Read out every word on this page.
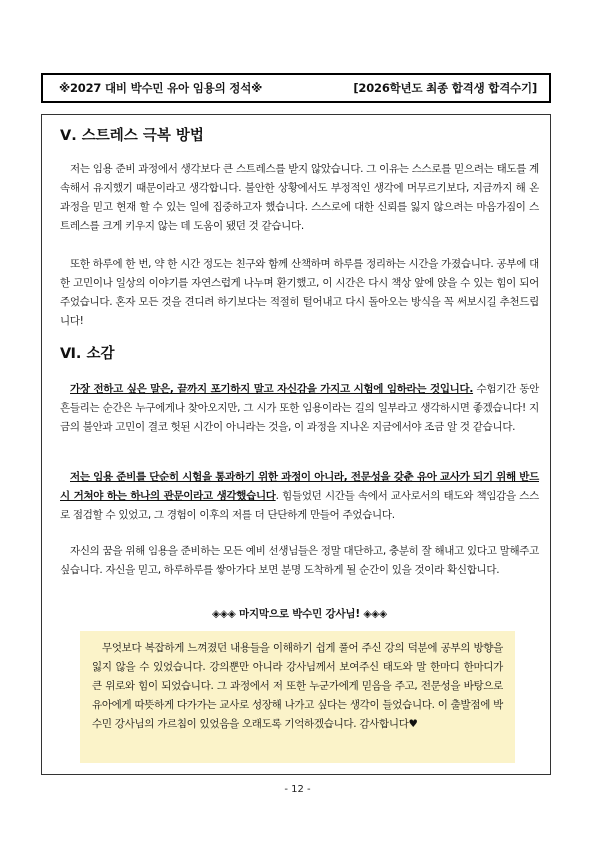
※2027 대비 박수민 유아 임용의 정석※	[2026학년도 최종 합격생 합격수기]
Ⅴ. 스트레스 극복 방법

저는 임용 준비 과정에서 생각보다 큰 스트레스를 받지 않았습니다. 그 이유는 스스로를 믿으려는 태도를 계속해서 유지했기 때문이라고 생각합니다. 불안한 상황에서도 부정적인 생각에 머무르기보다, 지금까지 해 온 과정을 믿고 현재 할 수 있는 일에 집중하고자 했습니다. 스스로에 대한 신뢰를 잃지 않으려는 마음가짐이 스트레스를 크게 키우지 않는 데 도움이 됐던 것 같습니다.

또한 하루에 한 번, 약 한 시간 정도는 친구와 함께 산책하며 하루를 정리하는 시간을 가졌습니다. 공부에 대한 고민이나 일상의 이야기를 자연스럽게 나누며 환기했고, 이 시간은 다시 책상 앞에 앉을 수 있는 힘이 되어주었습니다. 혼자 모든 것을 견디려 하기보다는 적절히 털어내고 다시 돌아오는 방식을 꼭 써보시길 추천드립니다!

Ⅵ. 소감

가장 전하고 싶은 말은, 끝까지 포기하지 말고 자신감을 가지고 시험에 임하라는 것입니다. 수험기간 동안 흔들리는 순간은 누구에게나 찾아오지만, 그 시가 또한 임용이라는 길의 일부라고 생각하시면 좋겠습니다! 지금의 불안과 고민이 결코 헛된 시간이 아니라는 것을, 이 과정을 지나온 지금에서야 조금 알 것 같습니다.

저는 임용 준비를 단순히 시험을 통과하기 위한 과정이 아니라, 전문성을 갖춘 유아 교사가 되기 위해 반드시 거쳐야 하는 하나의 관문이라고 생각했습니다. 힘들었던 시간들 속에서 교사로서의 태도와 책임감을 스스로 점검할 수 있었고, 그 경험이 이후의 저를 더 단단하게 만들어 주었습니다.

자신의 꿈을 위해 임용을 준비하는 모든 예비 선생님들은 정말 대단하고, 충분히 잘 해내고 있다고 말해주고 싶습니다. 자신을 믿고, 하루하루를 쌓아가다 보면 분명 도착하게 될 순간이 있을 것이라 확신합니다.

◈◈◈ 마지막으로 박수민 강사님! ◈◈◈

무엇보다 복잡하게 느껴졌던 내용들을 이해하기 쉽게 풀어 주신 강의 덕분에 공부의 방향을 잃지 않을 수 있었습니다. 강의뿐만 아니라 강사님께서 보여주신 태도와 말 한마디 한마디가 큰 위로와 힘이 되었습니다. 그 과정에서 저 또한 누군가에게 믿음을 주고, 전문성을 바탕으로 유아에게 따뜻하게 다가가는 교사로 성장해 나가고 싶다는 생각이 들었습니다. 이 출발점에 박수민 강사님의 가르침이 있었음을 오래도록 기억하겠습니다. 감사합니다♥

- 12 -
